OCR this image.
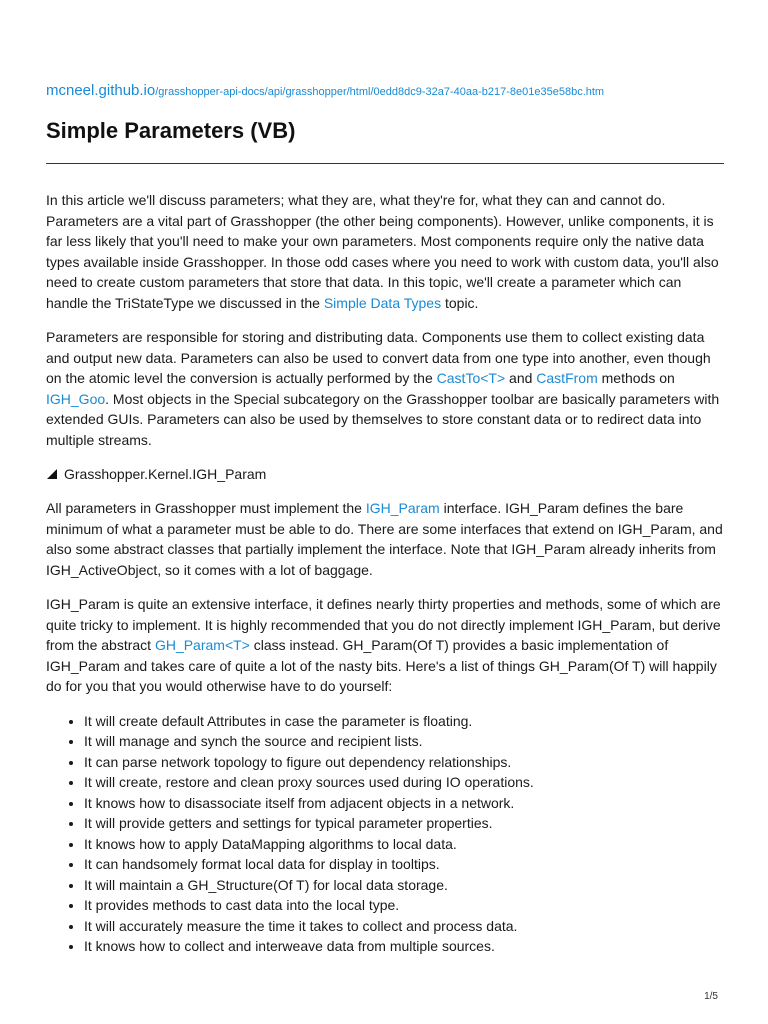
mcneel.github.io/grasshopper-api-docs/api/grasshopper/html/0edd8dc9-32a7-40aa-b217-8e01e35e58bc.htm
Simple Parameters (VB)

In this article we'll discuss parameters; what they are, what they're for, what they can and cannot do. Parameters are a vital part of Grasshopper (the other being components). However, unlike components, it is far less likely that you'll need to make your own parameters. Most components require only the native data types available inside Grasshopper. In those odd cases where you need to work with custom data, you'll also need to create custom parameters that store that data. In this topic, we'll create a parameter which can handle the TriStateType we discussed in the Simple Data Types topic.

Parameters are responsible for storing and distributing data. Components use them to collect existing data and output new data. Parameters can also be used to convert data from one type into another, even though on the atomic level the conversion is actually performed by the CastTo<T> and CastFrom methods on IGH_Goo. Most objects in the Special subcategory on the Grasshopper toolbar are basically parameters with extended GUIs. Parameters can also be used by themselves to store constant data or to redirect data into multiple streams.

Grasshopper.Kernel.IGH_Param

All parameters in Grasshopper must implement the IGH_Param interface. IGH_Param defines the bare minimum of what a parameter must be able to do. There are some interfaces that extend on IGH_Param, and also some abstract classes that partially implement the interface. Note that IGH_Param already inherits from IGH_ActiveObject, so it comes with a lot of baggage.

IGH_Param is quite an extensive interface, it defines nearly thirty properties and methods, some of which are quite tricky to implement. It is highly recommended that you do not directly implement IGH_Param, but derive from the abstract GH_Param<T> class instead. GH_Param(Of T) provides a basic implementation of IGH_Param and takes care of quite a lot of the nasty bits. Here's a list of things GH_Param(Of T) will happily do for you that you would otherwise have to do yourself:

• It will create default Attributes in case the parameter is floating.
• It will manage and synch the source and recipient lists.
• It can parse network topology to figure out dependency relationships.
• It will create, restore and clean proxy sources used during IO operations.
• It knows how to disassociate itself from adjacent objects in a network.
• It will provide getters and settings for typical parameter properties.
• It knows how to apply DataMapping algorithms to local data.
• It can handsomely format local data for display in tooltips.
• It will maintain a GH_Structure(Of T) for local data storage.
• It provides methods to cast data into the local type.
• It will accurately measure the time it takes to collect and process data.
• It knows how to collect and interweave data from multiple sources.
1/5
